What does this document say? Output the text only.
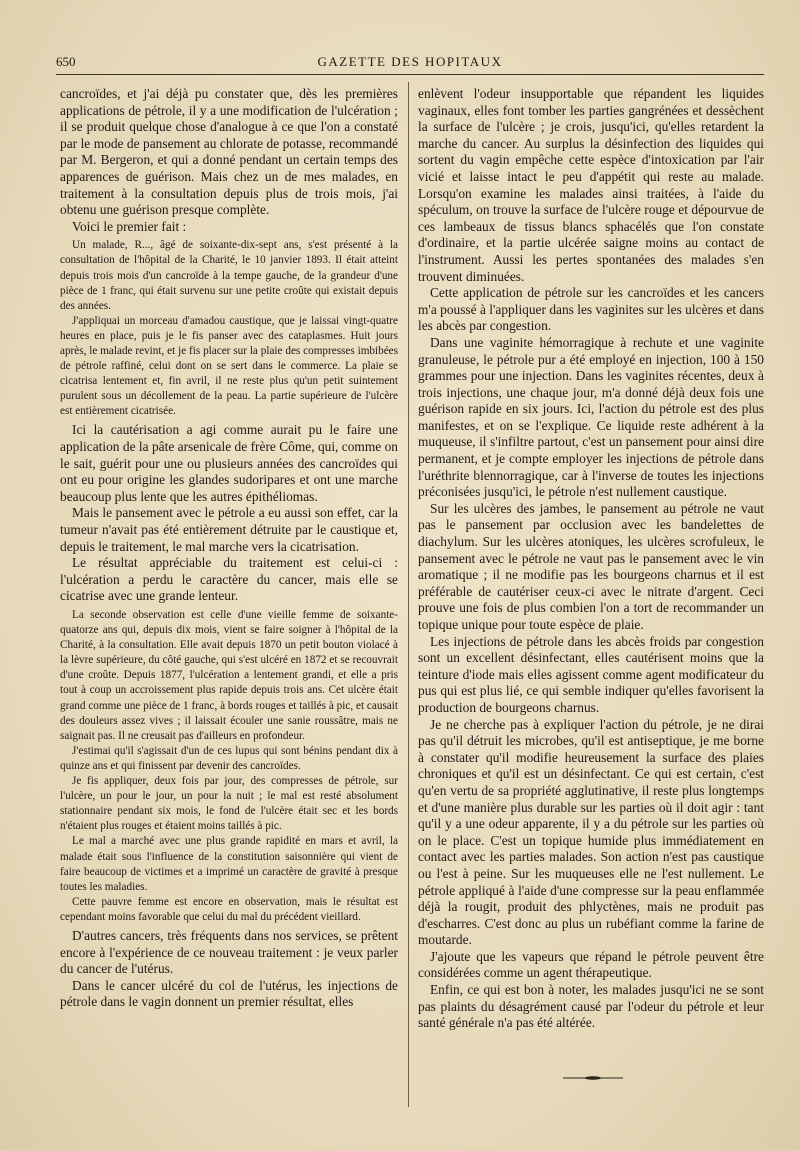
650	GAZETTE DES HOPITAUX

cancroïdes, et j'ai déjà pu constater que, dès les premières applications de pétrole, il y a une modification de l'ulcération ; il se produit quelque chose d'analogue à ce que l'on a constaté par le mode de pansement au chlorate de potasse, recommandé par M. Bergeron, et qui a donné pendant un certain temps des apparences de guérison. Mais chez un de mes malades, en traitement à la consultation depuis plus de trois mois, j'ai obtenu une guérison presque complète.

Voici le premier fait :

Un malade, R..., âgé de soixante-dix-sept ans, s'est présenté à la consultation de l'hôpital de la Charité, le 10 janvier 1893. Il était atteint depuis trois mois d'un cancroïde à la tempe gauche, de la grandeur d'une pièce de 1 franc, qui était survenu sur une petite croûte qui existait depuis des années.

J'appliquai un morceau d'amadou caustique, que je laissai vingt-quatre heures en place, puis je le fis panser avec des cataplasmes. Huit jours après, le malade revint, et je fis placer sur la plaie des compresses imbibées de pétrole raffiné, celui dont on se sert dans le commerce. La plaie se cicatrisa lentement et, fin avril, il ne reste plus qu'un petit suintement purulent sous un décollement de la peau. La partie supérieure de l'ulcère est entièrement cicatrisée.

Ici la cautérisation a agi comme aurait pu le faire une application de la pâte arsenicale de frère Côme, qui, comme on le sait, guérit pour une ou plusieurs années des cancroïdes qui ont eu pour origine les glandes sudoripares et ont une marche beaucoup plus lente que les autres épithéliomas.

Mais le pansement avec le pétrole a eu aussi son effet, car la tumeur n'avait pas été entièrement détruite par le caustique et, depuis le traitement, le mal marche vers la cicatrisation.

Le résultat appréciable du traitement est celui-ci : l'ulcération a perdu le caractère du cancer, mais elle se cicatrise avec une grande lenteur.

La seconde observation est celle d'une vieille femme de soixante-quatorze ans qui, depuis dix mois, vient se faire soigner à l'hôpital de la Charité, à la consultation. Elle avait depuis 1870 un petit bouton violacé à la lèvre supérieure, du côté gauche, qui s'est ulcéré en 1872 et se recouvrait d'une croûte. Depuis 1877, l'ulcération a lentement grandi, et elle a pris tout à coup un accroissement plus rapide depuis trois ans. Cet ulcère était grand comme une pièce de 1 franc, à bords rouges et taillés à pic, et causait des douleurs assez vives ; il laissait écouler une sanie roussâtre, mais ne saignait pas. Il ne creusait pas d'ailleurs en profondeur.

J'estimai qu'il s'agissait d'un de ces lupus qui sont bénins pendant dix à quinze ans et qui finissent par devenir des cancroïdes.

Je fis appliquer, deux fois par jour, des compresses de pétrole, sur l'ulcère, un pour le jour, un pour la nuit ; le mal est resté absolument stationnaire pendant six mois, le fond de l'ulcère était sec et les bords n'étaient plus rouges et étaient moins taillés à pic.

Le mal a marché avec une plus grande rapidité en mars et avril, la malade était sous l'influence de la constitution saisonnière qui vient de faire beaucoup de victimes et a imprimé un caractère de gravité à presque toutes les maladies.

Cette pauvre femme est encore en observation, mais le résultat est cependant moins favorable que celui du mal du précédent vieillard.

D'autres cancers, très fréquents dans nos services, se prêtent encore à l'expérience de ce nouveau traitement : je veux parler du cancer de l'utérus.

Dans le cancer ulcéré du col de l'utérus, les injections de pétrole dans le vagin donnent un premier résultat, elles

enlèvent l'odeur insupportable que répandent les liquides vaginaux, elles font tomber les parties gangrénées et dessèchent la surface de l'ulcère ; je crois, jusqu'ici, qu'elles retardent la marche du cancer. Au surplus la désinfection des liquides qui sortent du vagin empêche cette espèce d'intoxication par l'air vicié et laisse intact le peu d'appétit qui reste au malade. Lorsqu'on examine les malades ainsi traitées, à l'aide du spéculum, on trouve la surface de l'ulcère rouge et dépourvue de ces lambeaux de tissus blancs sphacélés que l'on constate d'ordinaire, et la partie ulcérée saigne moins au contact de l'instrument. Aussi les pertes spontanées des malades s'en trouvent diminuées.

Cette application de pétrole sur les cancroïdes et les cancers m'a poussé à l'appliquer dans les vaginites sur les ulcères et dans les abcès par congestion.

Dans une vaginite hémorragique à rechute et une vaginite granuleuse, le pétrole pur a été employé en injection, 100 à 150 grammes pour une injection. Dans les vaginites récentes, deux à trois injections, une chaque jour, m'a donné déjà deux fois une guérison rapide en six jours. Ici, l'action du pétrole est des plus manifestes, et on se l'explique. Ce liquide reste adhérent à la muqueuse, il s'infiltre partout, c'est un pansement pour ainsi dire permanent, et je compte employer les injections de pétrole dans l'uréthrite blennorragique, car à l'inverse de toutes les injections préconisées jusqu'ici, le pétrole n'est nullement caustique.

Sur les ulcères des jambes, le pansement au pétrole ne vaut pas le pansement par occlusion avec les bandelettes de diachylum. Sur les ulcères atoniques, les ulcères scrofuleux, le pansement avec le pétrole ne vaut pas le pansement avec le vin aromatique ; il ne modifie pas les bourgeons charnus et il est préférable de cautériser ceux-ci avec le nitrate d'argent. Ceci prouve une fois de plus combien l'on a tort de recommander un topique unique pour toute espèce de plaie.

Les injections de pétrole dans les abcès froids par congestion sont un excellent désinfectant, elles cautérisent moins que la teinture d'iode mais elles agissent comme agent modificateur du pus qui est plus lié, ce qui semble indiquer qu'elles favorisent la production de bourgeons charnus.

Je ne cherche pas à expliquer l'action du pétrole, je ne dirai pas qu'il détruit les microbes, qu'il est antiseptique, je me borne à constater qu'il modifie heureusement la surface des plaies chroniques et qu'il est un désinfectant. Ce qui est certain, c'est qu'en vertu de sa propriété agglutinative, il reste plus longtemps et d'une manière plus durable sur les parties où il doit agir : tant qu'il y a une odeur apparente, il y a du pétrole sur les parties où on le place. C'est un topique humide plus immédiatement en contact avec les parties malades. Son action n'est pas caustique ou l'est à peine. Sur les muqueuses elle ne l'est nullement. Le pétrole appliqué à l'aide d'une compresse sur la peau enflammée déjà la rougit, produit des phlyctènes, mais ne produit pas d'escharres. C'est donc au plus un rubéfiant comme la farine de moutarde.

J'ajoute que les vapeurs que répand le pétrole peuvent être considérées comme un agent thérapeutique.

Enfin, ce qui est bon à noter, les malades jusqu'ici ne se sont pas plaints du désagrément causé par l'odeur du pétrole et leur santé générale n'a pas été altérée.
